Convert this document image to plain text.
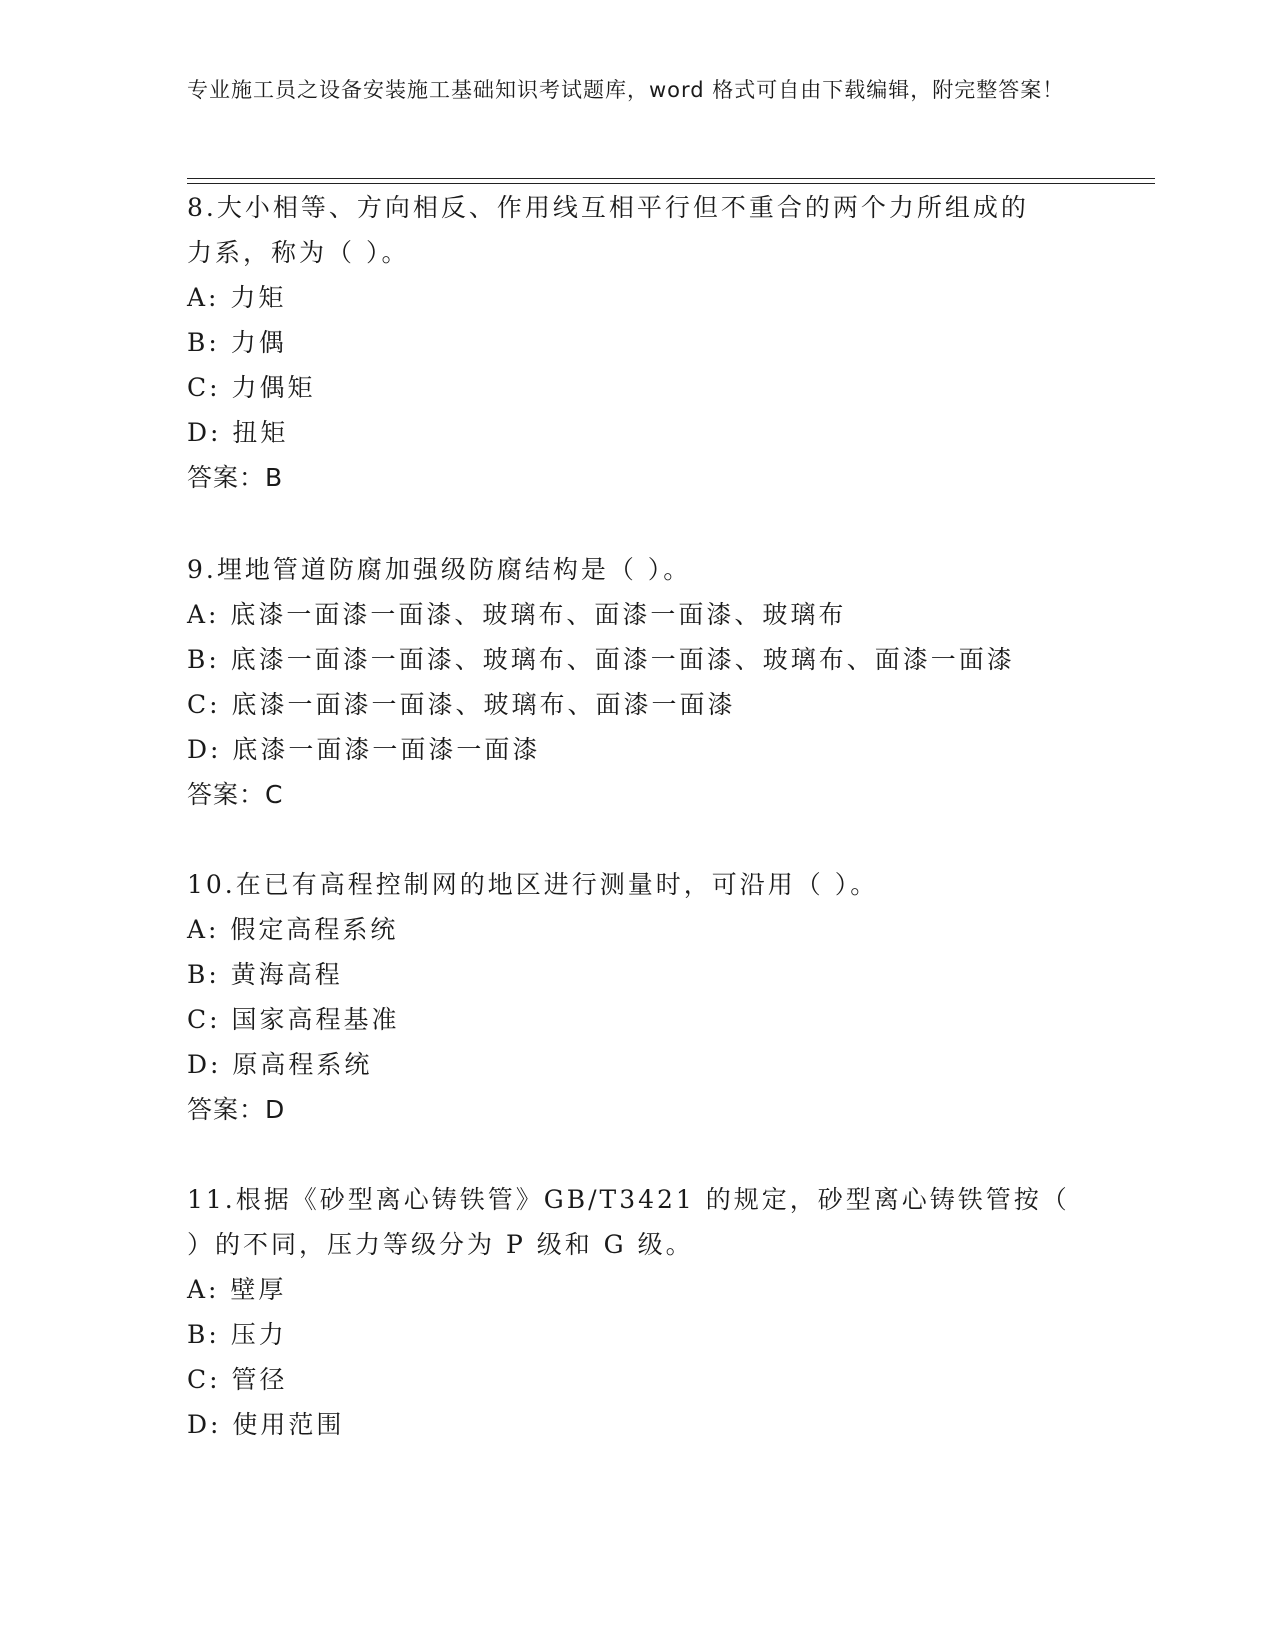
专业施工员之设备安装施工基础知识考试题库，word 格式可自由下载编辑，附完整答案！
8.大小相等、方向相反、作用线互相平行但不重合的两个力所组成的
力系，称为（ ）。
A: 力矩
B: 力偶
C: 力偶矩
D: 扭矩
答案：B
9.埋地管道防腐加强级防腐结构是（ ）。
A: 底漆一面漆一面漆、玻璃布、面漆一面漆、玻璃布
B: 底漆一面漆一面漆、玻璃布、面漆一面漆、玻璃布、面漆一面漆
C: 底漆一面漆一面漆、玻璃布、面漆一面漆
D: 底漆一面漆一面漆一面漆
答案：C
10.在已有高程控制网的地区进行测量时，可沿用（ ）。
A: 假定高程系统
B: 黄海高程
C: 国家高程基准
D: 原高程系统
答案：D
11.根据《砂型离心铸铁管》GB/T3421 的规定，砂型离心铸铁管按（
）的不同，压力等级分为 P 级和 G 级。
A: 壁厚
B: 压力
C: 管径
D: 使用范围
